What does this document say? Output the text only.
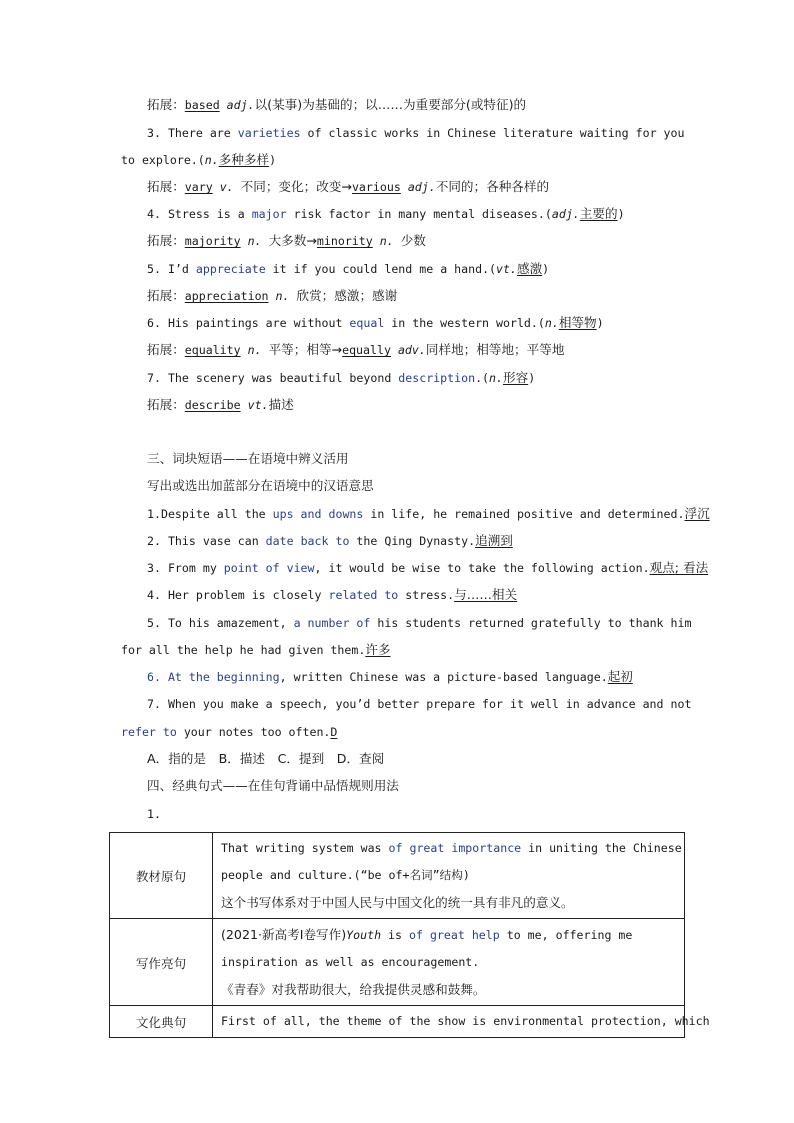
拓展：based adj.以(某事)为基础的；以……为重要部分(或特征)的
3. There are varieties of classic works in Chinese literature waiting for you
to explore.(n.多种多样)
拓展：vary v. 不同；变化；改变→various adj.不同的；各种各样的
4. Stress is a major risk factor in many mental diseases.(adj.主要的)
拓展：majority n. 大多数→minority n. 少数
5. I’d appreciate it if you could lend me a hand.(vt.感激)
拓展：appreciation n. 欣赏；感激；感谢
6. His paintings are without equal in the western world.(n.相等物)
拓展：equality n. 平等；相等→equally adv.同样地；相等地；平等地
7. The scenery was beautiful beyond description.(n.形容)
拓展：describe vt.描述
三、词块短语——在语境中辨义活用
写出或选出加蓝部分在语境中的汉语意思
1.Despite all the ups and downs in life, he remained positive and determined.浮沉
2. This vase can date back to the Qing Dynasty.追溯到
3. From my point of view, it would be wise to take the following action.观点; 看法
4. Her problem is closely related to stress.与……相关
5. To his amazement, a number of his students returned gratefully to thank him
for all the help he had given them.许多
6. At the beginning, written Chinese was a picture-based language.起初
7. When you make a speech, you’d better prepare for it well in advance and not
refer to your notes too often.D
A．指的是　B．描述　C．提到　D．查阅
四、经典句式——在佳句背诵中品悟规则用法
1.
教材原句	That writing system was of great importance in uniting the Chinese
people and culture.(“be of+名词”结构)
这个书写体系对于中国人民与中国文化的统一具有非凡的意义。

写作亮句	(2021·新高考Ⅰ卷写作)Youth is of great help to me, offering me
inspiration as well as encouragement.
《青春》对我帮助很大，给我提供灵感和鼓舞。

文化典句	First of all, the theme of the show is environmental protection, which
